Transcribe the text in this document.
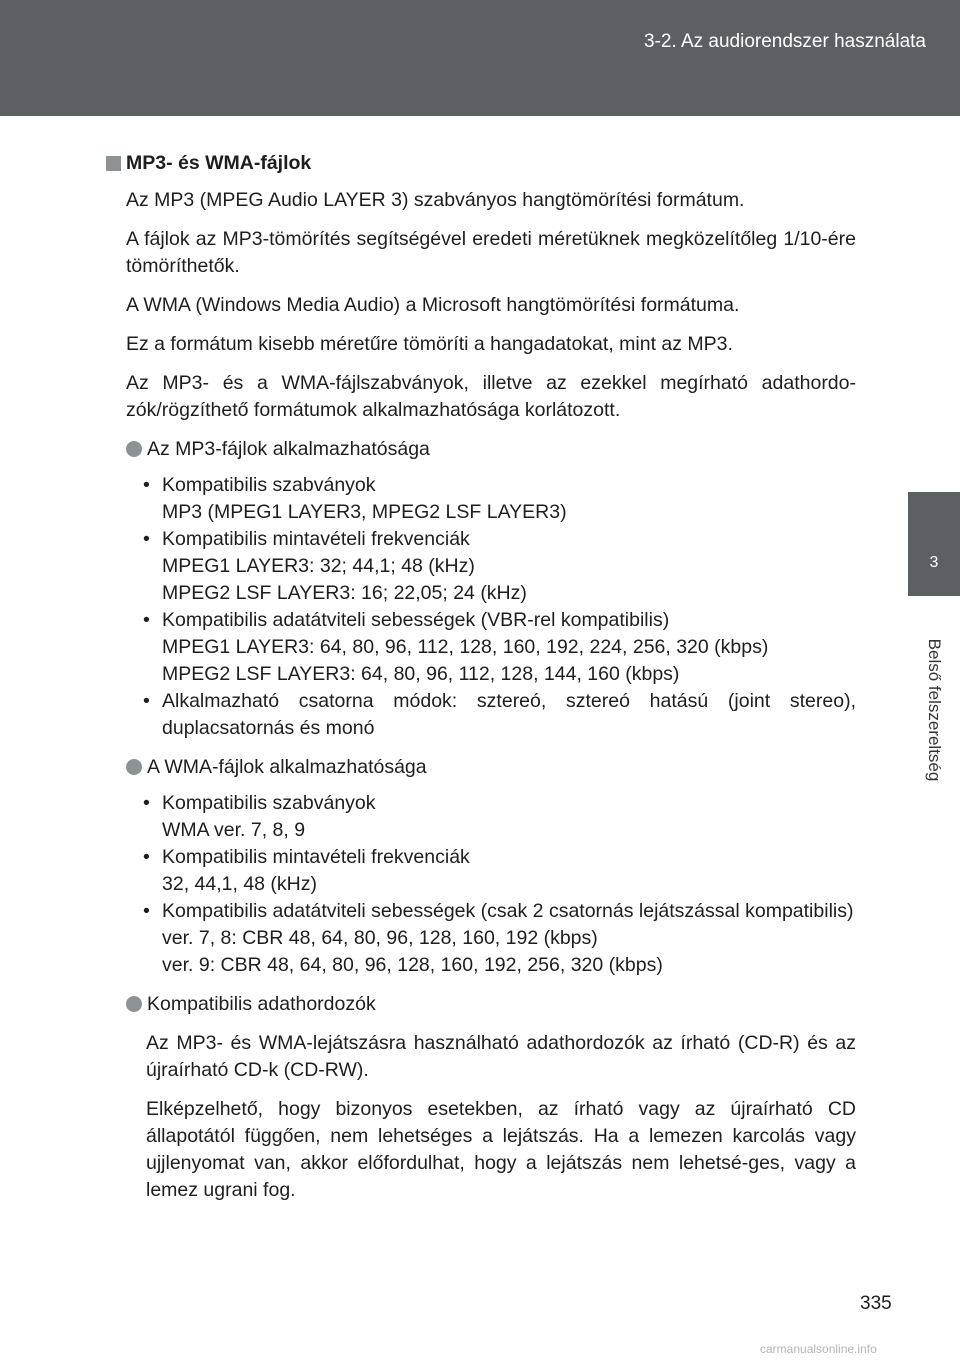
3-2. Az audiorendszer használata
3
Belső felszereltség
MP3- és WMA-fájlok

Az MP3 (MPEG Audio LAYER 3) szabványos hangtömörítési formátum.

A fájlok az MP3-tömörítés segítségével eredeti méretüknek megközelítőleg 1/10-ére tömöríthetők.

A WMA (Windows Media Audio) a Microsoft hangtömörítési formátuma.

Ez a formátum kisebb méretűre tömöríti a hangadatokat, mint az MP3.

Az MP3- és a WMA-fájlszabványok, illetve az ezekkel megírható adathordo-zók/rögzíthető formátumok alkalmazhatósága korlátozott.

Az MP3-fájlok alkalmazhatósága
• Kompatibilis szabványok
MP3 (MPEG1 LAYER3, MPEG2 LSF LAYER3)
• Kompatibilis mintavételi frekvenciák
MPEG1 LAYER3: 32; 44,1; 48 (kHz)
MPEG2 LSF LAYER3: 16; 22,05; 24 (kHz)
• Kompatibilis adatátviteli sebességek (VBR-rel kompatibilis)
MPEG1 LAYER3: 64, 80, 96, 112, 128, 160, 192, 224, 256, 320 (kbps)
MPEG2 LSF LAYER3: 64, 80, 96, 112, 128, 144, 160 (kbps)
• Alkalmazható csatorna módok: sztereó, sztereó hatású (joint stereo), duplacsatornás és monó
A WMA-fájlok alkalmazhatósága
• Kompatibilis szabványok
WMA ver. 7, 8, 9
• Kompatibilis mintavételi frekvenciák
32, 44,1, 48 (kHz)
• Kompatibilis adatátviteli sebességek (csak 2 csatornás lejátszással kompatibilis)
ver. 7, 8: CBR 48, 64, 80, 96, 128, 160, 192 (kbps)
ver. 9: CBR 48, 64, 80, 96, 128, 160, 192, 256, 320 (kbps)
Kompatibilis adathordozók

Az MP3- és WMA-lejátszásra használható adathordozók az írható (CD-R) és az újraírható CD-k (CD-RW).

Elképzelhető, hogy bizonyos esetekben, az írható vagy az újraírható CD állapotától függően, nem lehetséges a lejátszás. Ha a lemezen karcolás vagy ujjlenyomat van, akkor előfordulhat, hogy a lejátszás nem lehetsé-ges, vagy a lemez ugrani fog.

335
carmanualsonline.info
